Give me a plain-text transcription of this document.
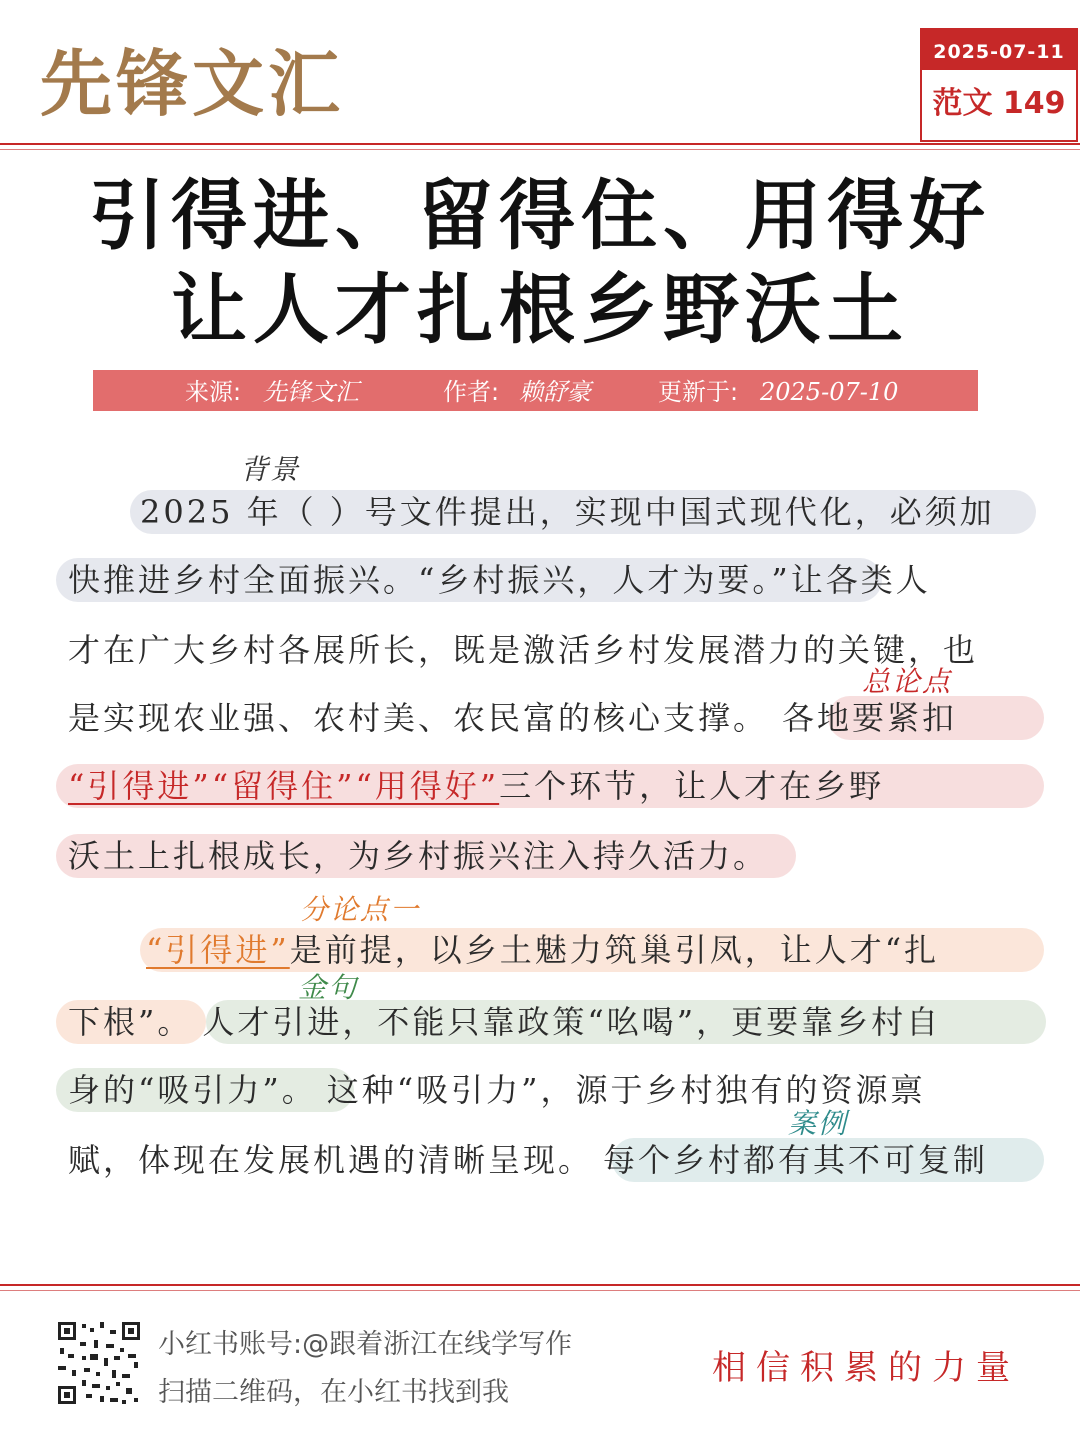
先锋文汇	2025-07-11
范文 149
引得进、留得住、用得好
让人才扎根乡野沃土
来源: 先锋文汇	作者: 赖舒豪	更新于: 2025-07-10
背景
总论点
分论点一
金句
案例
2025 年（ ）号文件提出，实现中国式现代化，必须加
快推进乡村全面振兴。“乡村振兴，人才为要。”让各类人
才在广大乡村各展所长，既是激活乡村发展潜力的关键，也
是实现农业强、农村美、农民富的核心支撑。 各地要紧扣
“引得进”“留得住”“用得好”三个环节，让人才在乡野
沃土上扎根成长，为乡村振兴注入持久活力。
“引得进”是前提，以乡土魅力筑巢引凤，让人才“扎
下根”。 人才引进，不能只靠政策“吆喝”，更要靠乡村自
身的“吸引力”。 这种“吸引力”，源于乡村独有的资源禀
赋，体现在发展机遇的清晰呈现。 每个乡村都有其不可复制
小红书账号:@跟着浙江在线学写作
扫描二维码，在小红书找到我
相信积累的力量
